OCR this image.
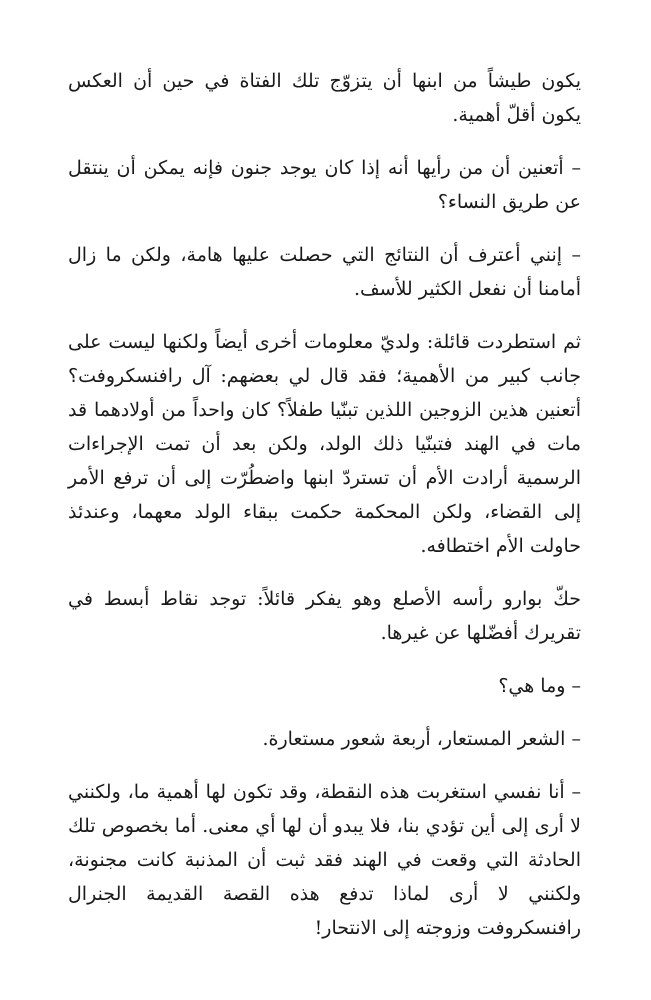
يكون طيشاً من ابنها أن يتزوّج تلك الفتاة في حين أن العكس يكون أقلّ أهمية.

– أتعنين أن من رأيها أنه إذا كان يوجد جنون فإنه يمكن أن ينتقل عن طريق النساء؟

– إنني أعترف أن النتائج التي حصلت عليها هامة، ولكن ما زال أمامنا أن نفعل الكثير للأسف.

ثم استطردت قائلة: ولديّ معلومات أخرى أيضاً ولكنها ليست على جانب كبير من الأهمية؛ فقد قال لي بعضهم: آل رافنسكروفت؟ أتعنين هذين الزوجين اللذين تبنّيا طفلاً؟ كان واحداً من أولادهما قد مات في الهند فتبنّيا ذلك الولد، ولكن بعد أن تمت الإجراءات الرسمية أرادت الأم أن تستردّ ابنها واضطُرّت إلى أن ترفع الأمر إلى القضاء، ولكن المحكمة حكمت ببقاء الولد معهما، وعندئذ حاولت الأم اختطافه.

حكّ بوارو رأسه الأصلع وهو يفكر قائلاً: توجد نقاط أبسط في تقريرك أفضّلها عن غيرها.

– وما هي؟

– الشعر المستعار، أربعة شعور مستعارة.

– أنا نفسي استغربت هذه النقطة، وقد تكون لها أهمية ما، ولكنني لا أرى إلى أين تؤدي بنا، فلا يبدو أن لها أي معنى. أما بخصوص تلك الحادثة التي وقعت في الهند فقد ثبت أن المذنبة كانت مجنونة، ولكنني لا أرى لماذا تدفع هذه القصة القديمة الجنرال رافنسكروفت وزوجته إلى الانتحار!
